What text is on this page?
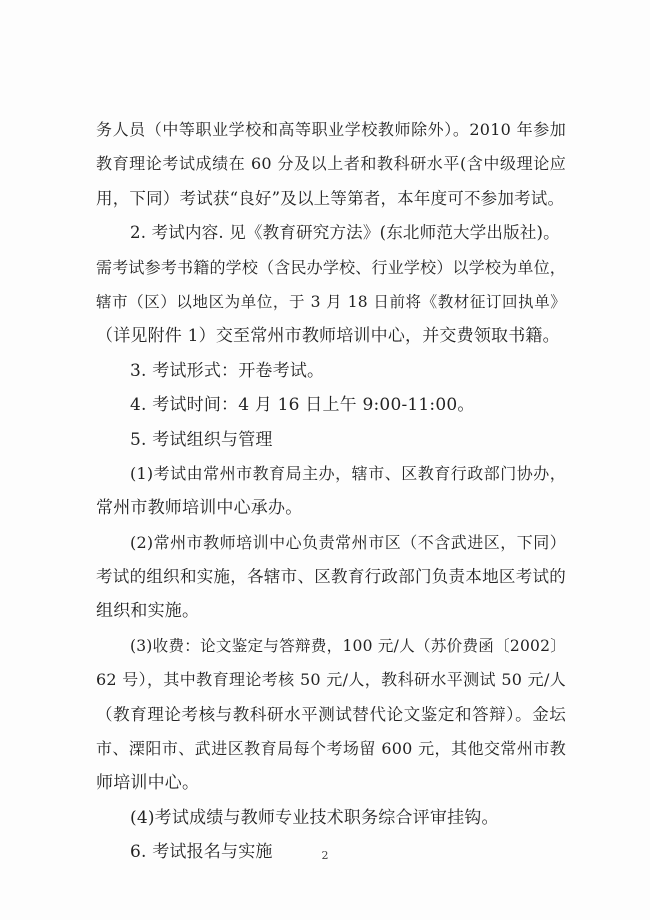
务人员（中等职业学校和高等职业学校教师除外）。2010 年参加
教育理论考试成绩在 60 分及以上者和教科研水平(含中级理论应
用，下同）考试获“良好”及以上等第者，本年度可不参加考试。
2. 考试内容. 见《教育研究方法》(东北师范大学出版社)。
需考试参考书籍的学校（含民办学校、行业学校）以学校为单位，
辖市（区）以地区为单位，于 3 月 18 日前将《教材征订回执单》
（详见附件 1）交至常州市教师培训中心，并交费领取书籍。
3. 考试形式：开卷考试。
4. 考试时间：4 月 16 日上午 9:00-11:00。
5. 考试组织与管理
(1)考试由常州市教育局主办，辖市、区教育行政部门协办，
常州市教师培训中心承办。
(2)常州市教师培训中心负责常州市区（不含武进区，下同）
考试的组织和实施，各辖市、区教育行政部门负责本地区考试的
组织和实施。
(3)收费：论文鉴定与答辩费，100 元/人（苏价费函〔2002〕
62 号），其中教育理论考核 50 元/人，教科研水平测试 50 元/人
（教育理论考核与教科研水平测试替代论文鉴定和答辩）。金坛
市、溧阳市、武进区教育局每个考场留 600 元，其他交常州市教
师培训中心。
(4)考试成绩与教师专业技术职务综合评审挂钩。
6. 考试报名与实施	2
